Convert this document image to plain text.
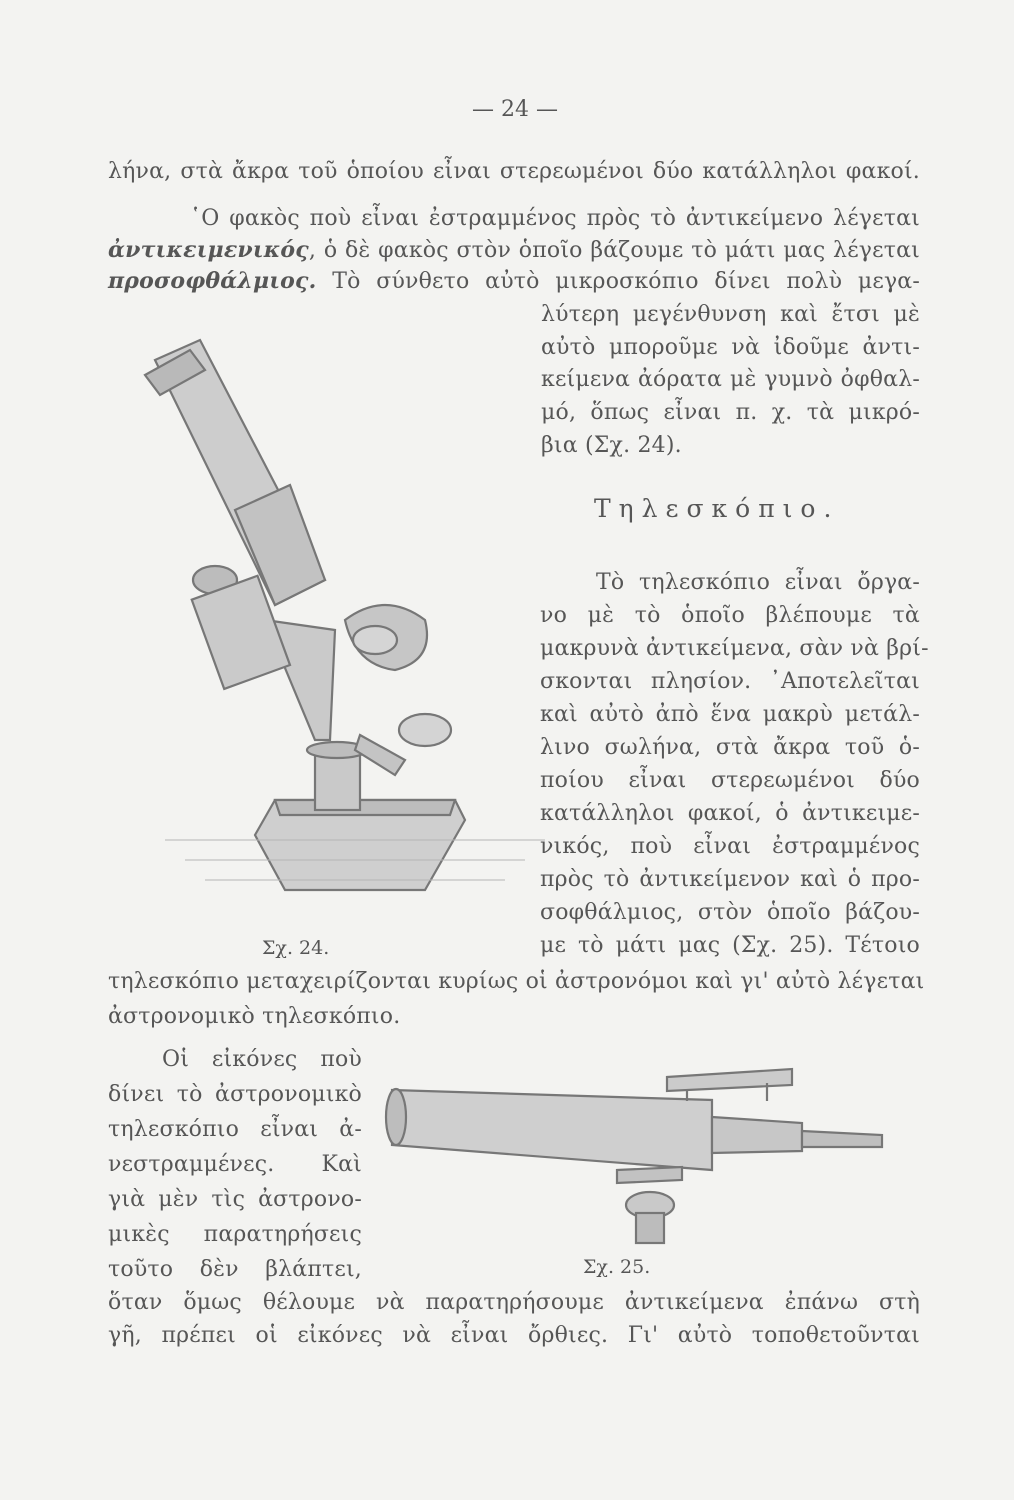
— 24 —
λήνα, στὰ ἄκρα τοῦ ὁποίου εἶναι στερεωμένοι δύο κατάλληλοι φακοί.
῾Ο φακὸς ποὺ εἶναι ἐστραμμένος πρὸς τὸ ἀντικείμενο λέγεται
ἀντικειμενικός, ὁ δὲ φακὸς στὸν ὁποῖο βάζουμε τὸ μάτι μας λέγεται
προσοφθάλμιος. Τὸ σύνθετο αὐτὸ μικροσκόπιο δίνει πολὺ μεγα-
λύτερη μεγένθυνση καὶ ἔτσι μὲ
αὐτὸ μποροῦμε νὰ ἰδοῦμε ἀντι-
κείμενα ἀόρατα μὲ γυμνὸ ὀφθαλ-
μό, ὅπως εἶναι π. χ. τὰ μικρό-
βια (Σχ. 24).
Τηλεσκόπιο.
Τὸ τηλεσκόπιο εἶναι ὄργα-
νο μὲ τὸ ὁποῖο βλέπουμε τὰ
μακρυνὰ ἀντικείμενα, σὰν νὰ βρί-
σκονται πλησίον. ᾿Αποτελεῖται
καὶ αὐτὸ ἀπὸ ἕνα μακρὺ μετάλ-
λινο σωλήνα, στὰ ἄκρα τοῦ ὁ-
ποίου εἶναι στερεωμένοι δύο
κατάλληλοι φακοί, ὁ ἀντικειμε-
νικός, ποὺ εἶναι ἐστραμμένος
πρὸς τὸ ἀντικείμενον καὶ ὁ προ-
σοφθάλμιος, στὸν ὁποῖο βάζου-
με τὸ μάτι μας (Σχ. 25). Τέτοιο
τηλεσκόπιο μεταχειρίζονται κυρίως οἱ ἀστρονόμοι καὶ γι' αὐτὸ λέγεται
ἀστρονομικὸ τηλεσκόπιο.
Οἱ εἰκόνες ποὺ
δίνει τὸ ἀστρονομικὸ
τηλεσκόπιο εἶναι ἀ-
νεστραμμένες. Καὶ
γιὰ μὲν τὶς ἀστρονο-
μικὲς παρατηρήσεις
τοῦτο δὲν βλάπτει,
ὅταν ὅμως θέλουμε νὰ παρατηρήσουμε ἀντικείμενα ἐπάνω στὴ
γῆ, πρέπει οἱ εἰκόνες νὰ εἶναι ὄρθιες. Γι' αὐτὸ τοποθετοῦνται
Σχ. 24.
Σχ. 25.
